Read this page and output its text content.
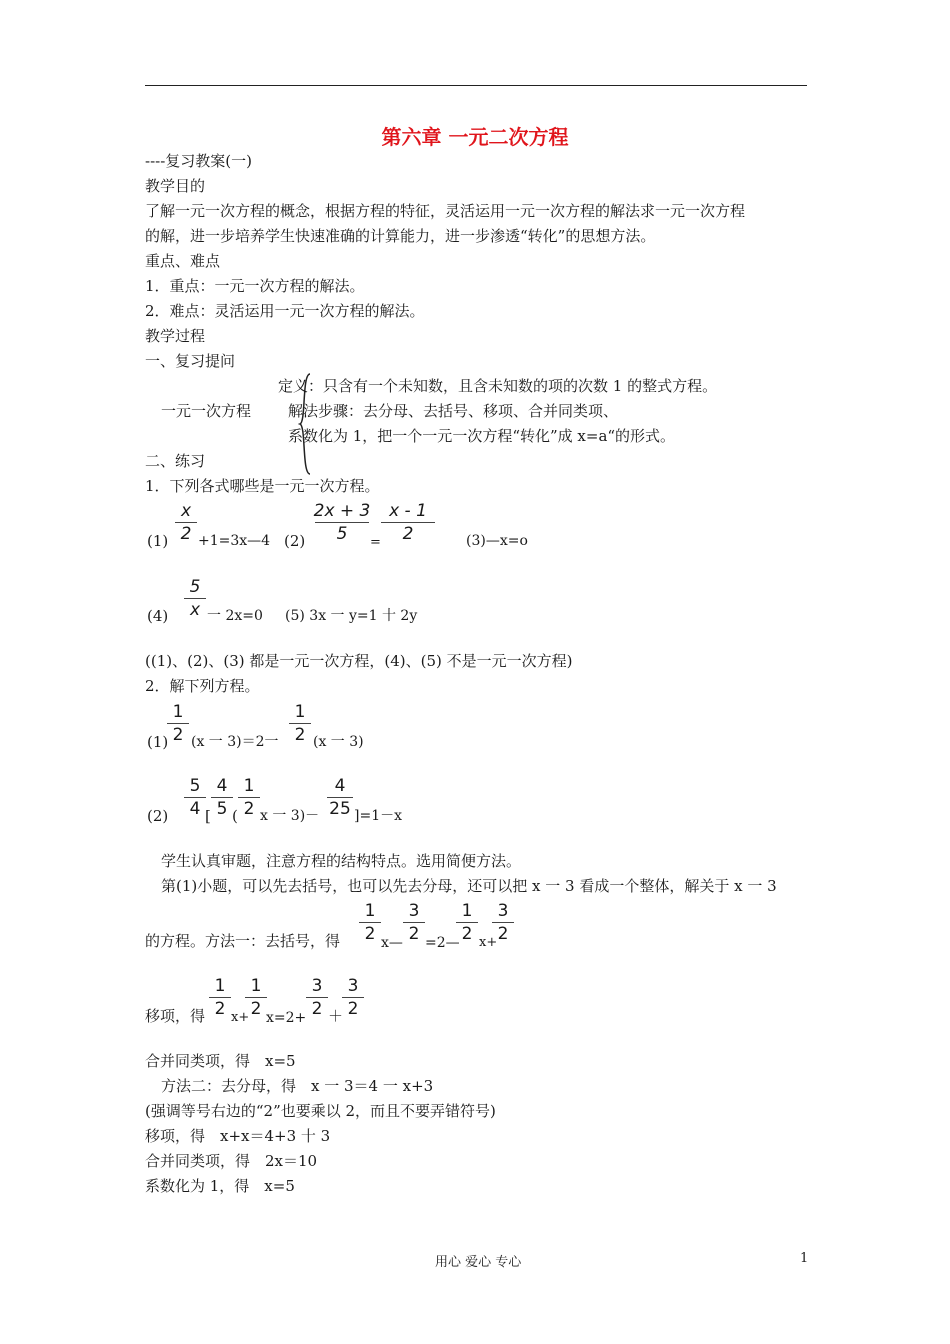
第六章 一元二次方程
----复习教案(一)
教学目的
了解一元一次方程的概念，根据方程的特征，灵活运用一元一次方程的解法求一元一次方程
的解，进一步培养学生快速准确的计算能力，进一步渗透“转化”的思想方法。
重点、难点
1．重点：一元一次方程的解法。
2．难点：灵活运用一元一次方程的解法。
教学过程
一、复习提问
定义：只含有一个未知数，且含未知数的项的次数 1 的整式方程。
一元一次方程 解法步骤：去分母、去括号、移项、合并同类项、
系数化为 1，把一个一元一次方程“转化”成 x=a“的形式。
二、练习
1．下列各式哪些是一元一次方程。
(1)
x
2 +1=3x—4 (2)
2x + 3
5	=
x - 1
2	(3)—x=o
(4)
5
x 一 2x=0 (5) 3x 一 y=1 十 2y
((1)、(2)、(3) 都是一元一次方程，(4)、(5) 不是一元一次方程)
2．解下列方程。
(1)
1
2 (x 一 3)＝2一
1
2 (x 一 3)
(2)
5
4 [
4
5 (
1
2 x 一 3)－
4
25 ]=1－x
学生认真审题，注意方程的结构特点。选用简便方法。
第(1)小题，可以先去括号，也可以先去分母，还可以把 x 一 3 看成一个整体，解关于 x 一 3
的方程。方法一：去括号，得
1
2 x—
3
2 =2—
1
2 x+
3
2
移项，得
1
2 x+
1
2 x=2+
3
2 ＋
3
2
合并同类项，得　x=5
方法二：去分母，得　x 一 3＝4 一 x+3
(强调等号右边的“2”也要乘以 2，而且不要弄错符号)
移项，得　x+x＝4+3 十 3
合并同类项，得　2x＝10
系数化为 1，得　x=5
用心 爱心 专心	1
